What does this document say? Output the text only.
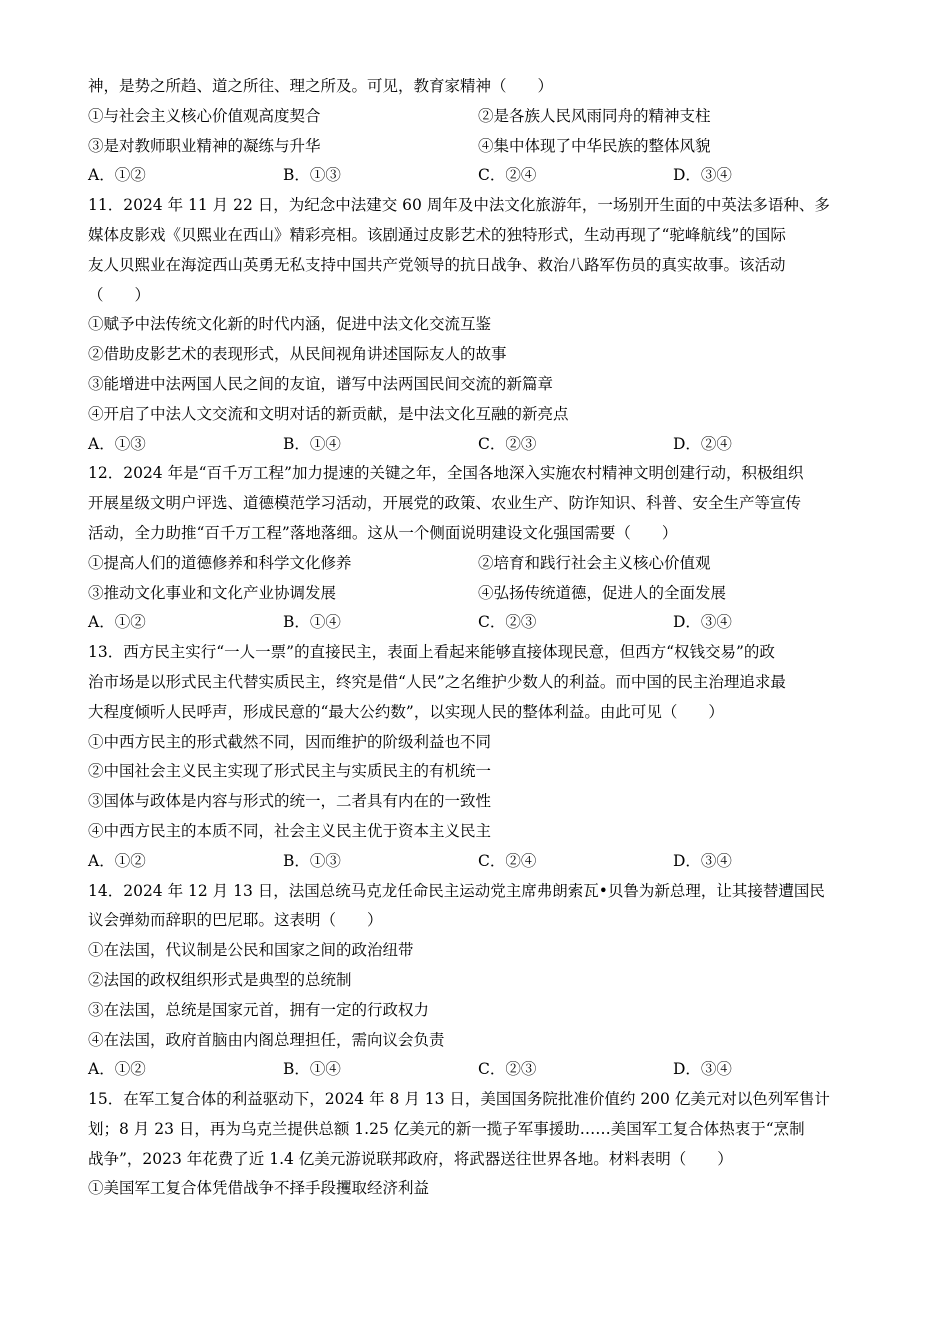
神，是势之所趋、道之所往、理之所及。可见，教育家精神（　　）
①与社会主义核心价值观高度契合	②是各族人民风雨同舟的精神支柱
③是对教师职业精神的凝练与升华	④集中体现了中华民族的整体风貌
A．①②	B．①③	C．②④	D．③④
11．2024 年 11 月 22 日，为纪念中法建交 60 周年及中法文化旅游年，一场别开生面的中英法多语种、多
媒体皮影戏《贝熙业在西山》精彩亮相。该剧通过皮影艺术的独特形式，生动再现了“驼峰航线”的国际
友人贝熙业在海淀西山英勇无私支持中国共产党领导的抗日战争、救治八路军伤员的真实故事。该活动
（　　）
①赋予中法传统文化新的时代内涵，促进中法文化交流互鉴
②借助皮影艺术的表现形式，从民间视角讲述国际友人的故事
③能增进中法两国人民之间的友谊，谱写中法两国民间交流的新篇章
④开启了中法人文交流和文明对话的新贡献，是中法文化互融的新亮点
A．①③	B．①④	C．②③	D．②④
12．2024 年是“百千万工程”加力提速的关键之年，全国各地深入实施农村精神文明创建行动，积极组织
开展星级文明户评选、道德模范学习活动，开展党的政策、农业生产、防诈知识、科普、安全生产等宣传
活动，全力助推“百千万工程”落地落细。这从一个侧面说明建设文化强国需要（　　）
①提高人们的道德修养和科学文化修养	②培育和践行社会主义核心价值观
③推动文化事业和文化产业协调发展	④弘扬传统道德，促进人的全面发展
A．①②	B．①④	C．②③	D．③④
13．西方民主实行“一人一票”的直接民主，表面上看起来能够直接体现民意，但西方“权钱交易”的政
治市场是以形式民主代替实质民主，终究是借“人民”之名维护少数人的利益。而中国的民主治理追求最
大程度倾听人民呼声，形成民意的“最大公约数”，以实现人民的整体利益。由此可见（　　）
①中西方民主的形式截然不同，因而维护的阶级利益也不同
②中国社会主义民主实现了形式民主与实质民主的有机统一
③国体与政体是内容与形式的统一，二者具有内在的一致性
④中西方民主的本质不同，社会主义民主优于资本主义民主
A．①②	B．①③	C．②④	D．③④
14．2024 年 12 月 13 日，法国总统马克龙任命民主运动党主席弗朗索瓦•贝鲁为新总理，让其接替遭国民
议会弹劾而辞职的巴尼耶。这表明（　　）
①在法国，代议制是公民和国家之间的政治纽带
②法国的政权组织形式是典型的总统制
③在法国，总统是国家元首，拥有一定的行政权力
④在法国，政府首脑由内阁总理担任，需向议会负责
A．①②	B．①④	C．②③	D．③④
15．在军工复合体的利益驱动下，2024 年 8 月 13 日，美国国务院批准价值约 200 亿美元对以色列军售计
划；8 月 23 日，再为乌克兰提供总额 1.25 亿美元的新一揽子军事援助……美国军工复合体热衷于“烹制
战争”，2023 年花费了近 1.4 亿美元游说联邦政府，将武器送往世界各地。材料表明（　　）
①美国军工复合体凭借战争不择手段攫取经济利益
